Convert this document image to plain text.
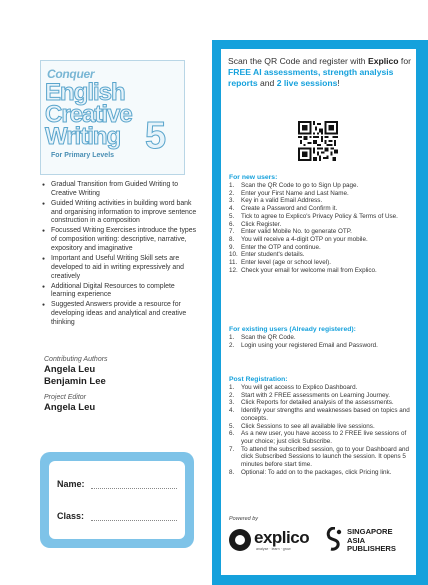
Conquer
English
Creative
Writing 5
For Primary Levels
● Gradual Transition from Guided Writing to Creative Writing
● Guided Writing activities in building word bank and organising information to improve sentence construction in a composition
● Focussed Writing Exercises introduce the types of composition writing: descriptive, narrative, expository and imaginative
● Important and Useful Writing Skill sets are developed to aid in writing expressively and creatively
● Additional Digital Resources to complete learning experience
● Suggested Answers provide a resource for developing ideas and analytical and creative thinking
Contributing Authors
Angela Leu
Benjamin Lee
Project Editor
Angela Leu
Name:
Class:
Scan the QR Code and register with Explico for FREE AI assessments, strength analysis reports and 2 live sessions!
For new users:
1. Scan the QR Code to go to Sign Up page.
2. Enter your First Name and Last Name.
3. Key in a valid Email Address.
4. Create a Password and Confirm it.
5. Tick to agree to Explico's Privacy Policy & Terms of Use.
6. Click Register.
7. Enter valid Mobile No. to generate OTP.
8. You will receive a 4-digit OTP on your mobile.
9. Enter the OTP and continue.
10. Enter student's details.
11. Enter level (age or school level).
12. Check your email for welcome mail from Explico.
For existing users (Already registered):
1. Scan the QR Code.
2. Login using your registered Email and Password.
Post Registration:
1. You will get access to Explico Dashboard.
2. Start with 2 FREE assessments on Learning Journey.
3. Click Reports for detailed analysis of the assessments.
4. Identify your strengths and weaknesses based on topics and concepts.
5. Click Sessions to see all available live sessions.
6. As a new user, you have access to 2 FREE live sessions of your choice; just click Subscribe.
7. To attend the subscribed session, go to your Dashboard and click Subscribed Sessions to launch the session. It opens 5 minutes before start time.
8. Optional: To add on to the packages, click Pricing link.
Powered by
explico
analyse · learn · grow
SINGAPORE
ASIA
PUBLISHERS
